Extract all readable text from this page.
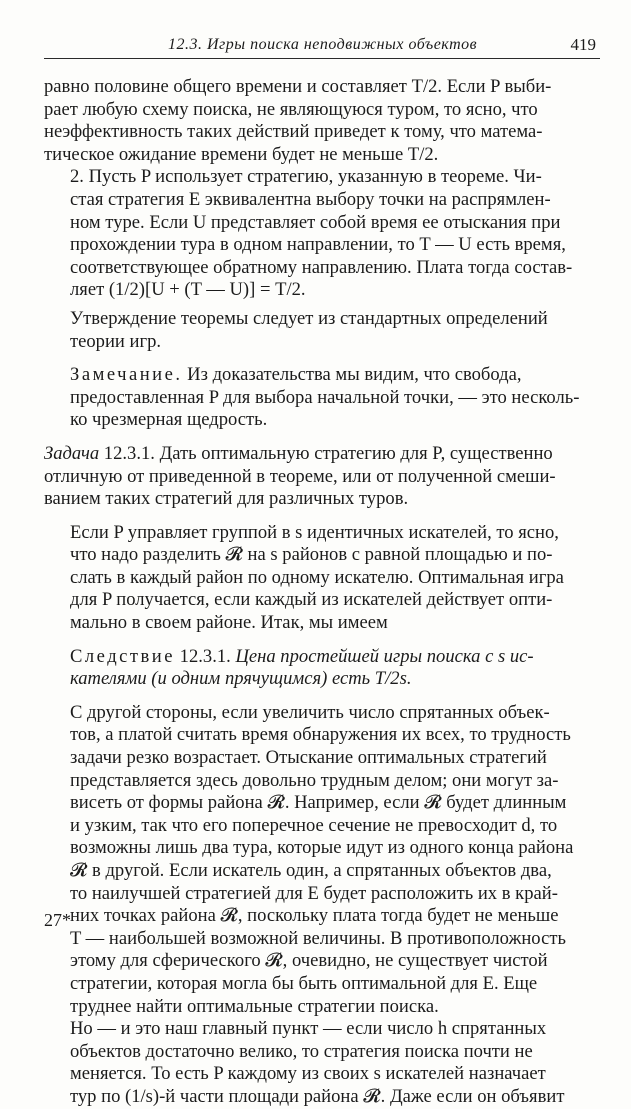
12.3. Игры поиска неподвижных объектов	419

равно половине общего времени и составляет T/2. Если P выби-
рает любую схему поиска, не являющуюся туром, то ясно, что
неэффективность таких действий приведет к тому, что матема-
тическое ожидание времени будет не меньше T/2.

2. Пусть P использует стратегию, указанную в теореме. Чи-
стая стратегия E эквивалентна выбору точки на распрямлен-
ном туре. Если U представляет собой время ее отыскания при
прохождении тура в одном направлении, то T — U есть время,
соответствующее обратному направлению. Плата тогда состав-
ляет (1/2)[U + (T — U)] = T/2.

Утверждение теоремы следует из стандартных определений
теории игр.

Замечание. Из доказательства мы видим, что свобода,
предоставленная P для выбора начальной точки, — это несколь-
ко чрезмерная щедрость.

Задача 12.3.1. Дать оптимальную стратегию для P, существенно
отличную от приведенной в теореме, или от полученной смеши-
ванием таких стратегий для различных туров.

Если P управляет группой в s идентичных искателей, то ясно,
что надо разделить 𝓡 на s районов с равной площадью и по-
слать в каждый район по одному искателю. Оптимальная игра
для P получается, если каждый из искателей действует опти-
мально в своем районе. Итак, мы имеем

Следствие 12.3.1. Цена простейшей игры поиска с s ис-
кателями (и одним прячущимся) есть T/2s.

С другой стороны, если увеличить число спрятанных объек-
тов, а платой считать время обнаружения их всех, то трудность
задачи резко возрастает. Отыскание оптимальных стратегий
представляется здесь довольно трудным делом; они могут за-
висеть от формы района 𝓡. Например, если 𝓡 будет длинным
и узким, так что его поперечное сечение не превосходит d, то
возможны лишь два тура, которые идут из одного конца района
𝓡 в другой. Если искатель один, а спрятанных объектов два,
то наилучшей стратегией для E будет расположить их в край-
них точках района 𝓡, поскольку плата тогда будет не меньше
T — наибольшей возможной величины. В противоположность
этому для сферического 𝓡, очевидно, не существует чистой
стратегии, которая могла бы быть оптимальной для E. Еще
труднее найти оптимальные стратегии поиска.

Но — и это наш главный пункт — если число h спрятанных
объектов достаточно велико, то стратегия поиска почти не
меняется. То есть P каждому из своих s искателей назначает
тур по (1/s)-й части площади района 𝓡. Даже если он объявит

27*
